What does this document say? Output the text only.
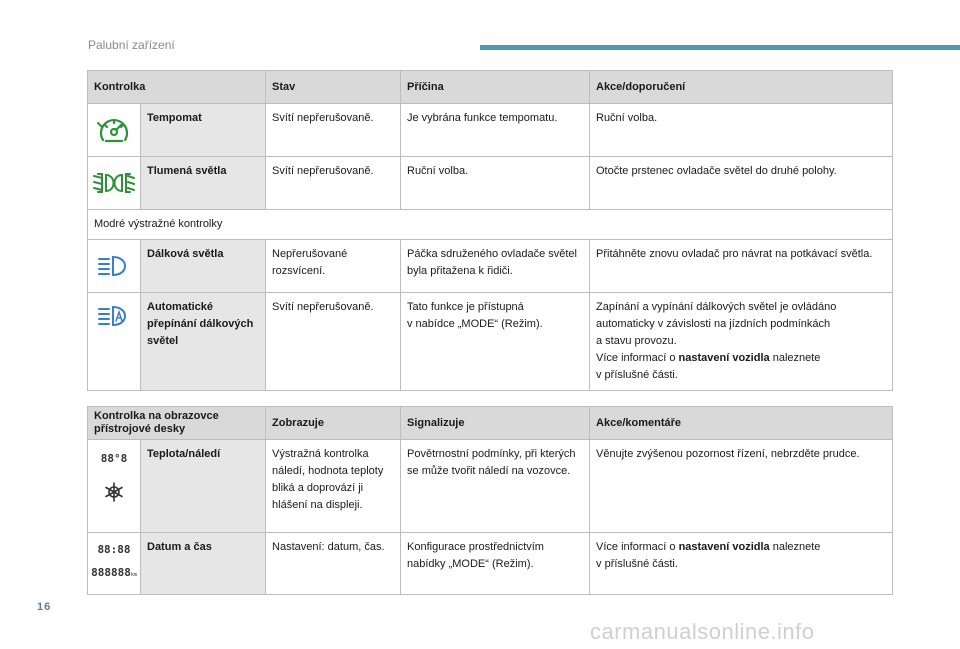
Palubní zařízení
Kontrolka		Stav	Příčina	Akce/doporučení

	Tempomat	Svítí nepřerušovaně.	Je vybrána funkce tempomatu.	Ruční volba.

	Tlumená světla	Svítí nepřerušovaně.	Ruční volba.	Otočte prstenec ovladače světel do druhé polohy.
Modré výstražné kontrolky				

	Dálková světla	Nepřerušované rozsvícení.	Páčka sdruženého ovladače světel byla přitažena k řidiči.	Přitáhněte znovu ovladač pro návrat na potkávací světla.

	Automatické přepínání dálkových světel	Svítí nepřerušovaně.	Tato funkce je přístupná
v nabídce „MODE“ (Režim).	Zapínání a vypínání dálkových světel je ovládáno automaticky v závislosti na jízdních podmínkách
a stavu provozu.
Více informací o nastavení vozidla naleznete
v příslušné části.
Kontrolka na obrazovce přístrojové desky		Zobrazuje	Signalizuje	Akce/komentáře

88°8	Teplota/náledí	Výstražná kontrolka náledí, hodnota teploty bliká a doprovází ji hlášení na displeji.	Povětrnostní podmínky, při kterých se může tvořit náledí na vozovce.	Věnujte zvýšenou pozornost řízení, nebrzděte prudce.

88:88
888888km	Datum a čas	Nastavení: datum, čas.	Konfigurace prostřednictvím nabídky „MODE“ (Režim).	Více informací o nastavení vozidla naleznete
v příslušné části.
16
carmanualsonline.info
